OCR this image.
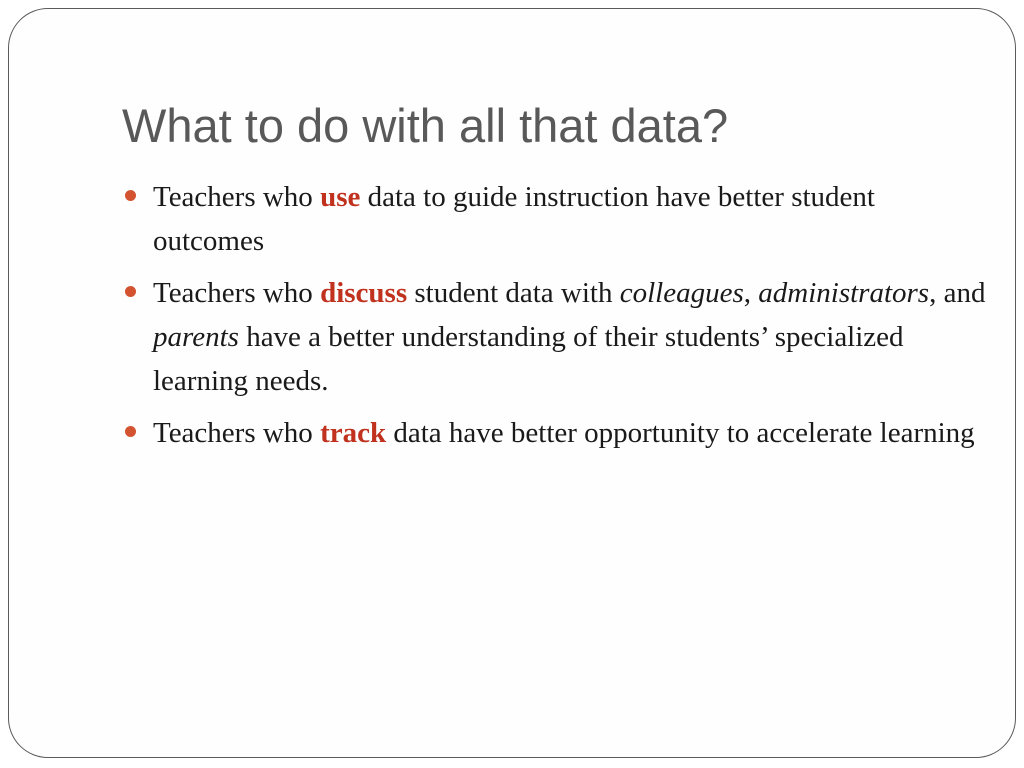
What to do with all that data?
Teachers who use data to guide instruction have better student outcomes
Teachers who discuss student data with colleagues, administrators, and parents have a better understanding of their students’ specialized learning needs.
Teachers who track data have better opportunity to accelerate learning
